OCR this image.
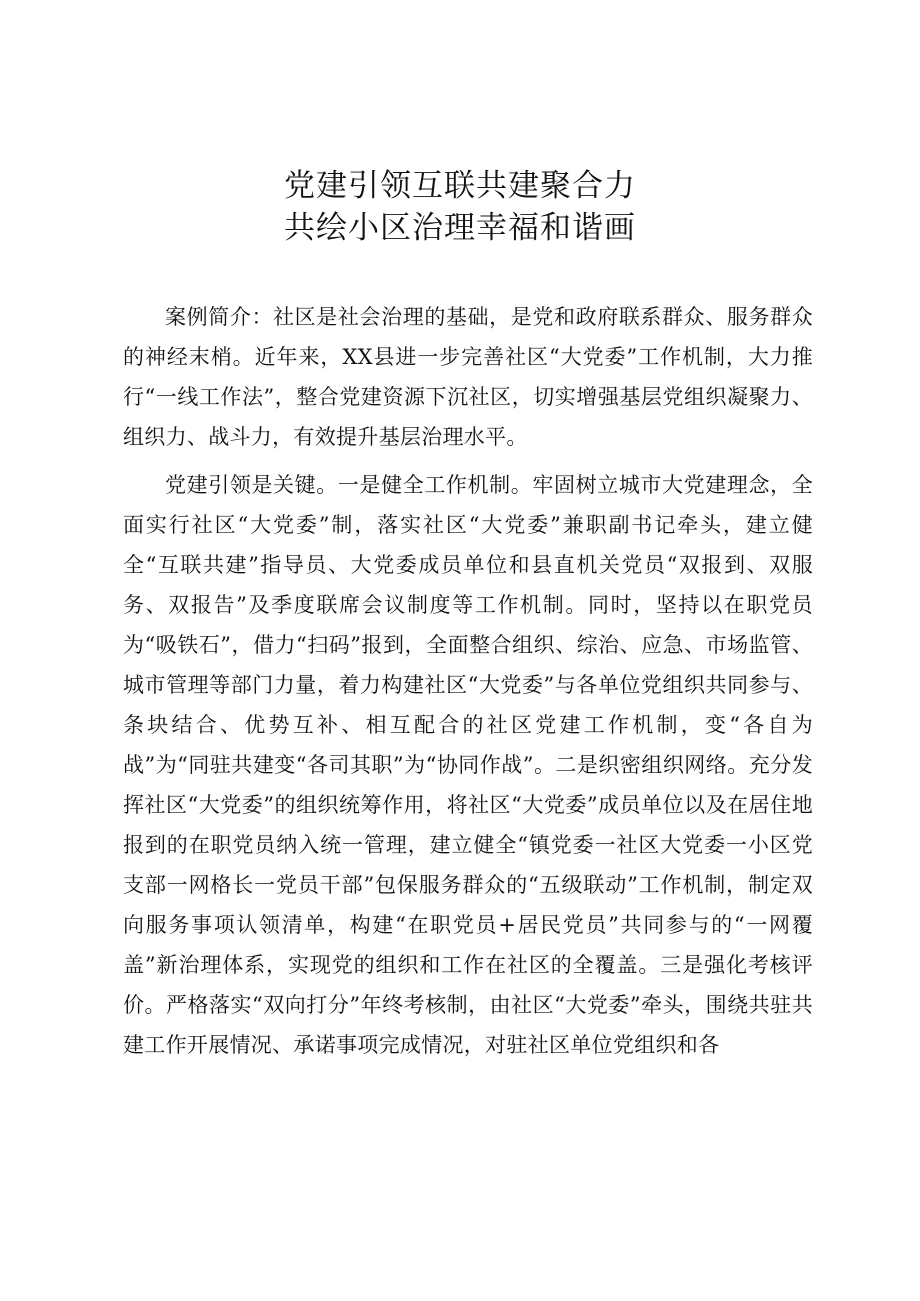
党建引领互联共建聚合力
共绘小区治理幸福和谐画

案例简介：社区是社会治理的基础，是党和政府联系群众、服务群众的神经末梢。近年来，XX县进一步完善社区“大党委”工作机制，大力推行“一线工作法”，整合党建资源下沉社区，切实增强基层党组织凝聚力、组织力、战斗力，有效提升基层治理水平。

党建引领是关键。一是健全工作机制。牢固树立城市大党建理念，全面实行社区“大党委”制，落实社区“大党委”兼职副书记牵头，建立健全“互联共建”指导员、大党委成员单位和县直机关党员“双报到、双服务、双报告”及季度联席会议制度等工作机制。同时，坚持以在职党员为“吸铁石”，借力“扫码”报到，全面整合组织、综治、应急、市场监管、城市管理等部门力量，着力构建社区“大党委”与各单位党组织共同参与、条块结合、优势互补、相互配合的社区党建工作机制，变“各自为战”为“同驻共建变“各司其职”为“协同作战”。二是织密组织网络。充分发挥社区“大党委”的组织统筹作用，将社区“大党委”成员单位以及在居住地报到的在职党员纳入统一管理，建立健全“镇党委一社区大党委一小区党支部一网格长一党员干部”包保服务群众的“五级联动”工作机制，制定双向服务事项认领清单，构建“在职党员+居民党员”共同参与的“一网覆盖”新治理体系，实现党的组织和工作在社区的全覆盖。三是强化考核评价。严格落实“双向打分”年终考核制，由社区“大党委”牵头，围绕共驻共建工作开展情况、承诺事项完成情况，对驻社区单位党组织和各
